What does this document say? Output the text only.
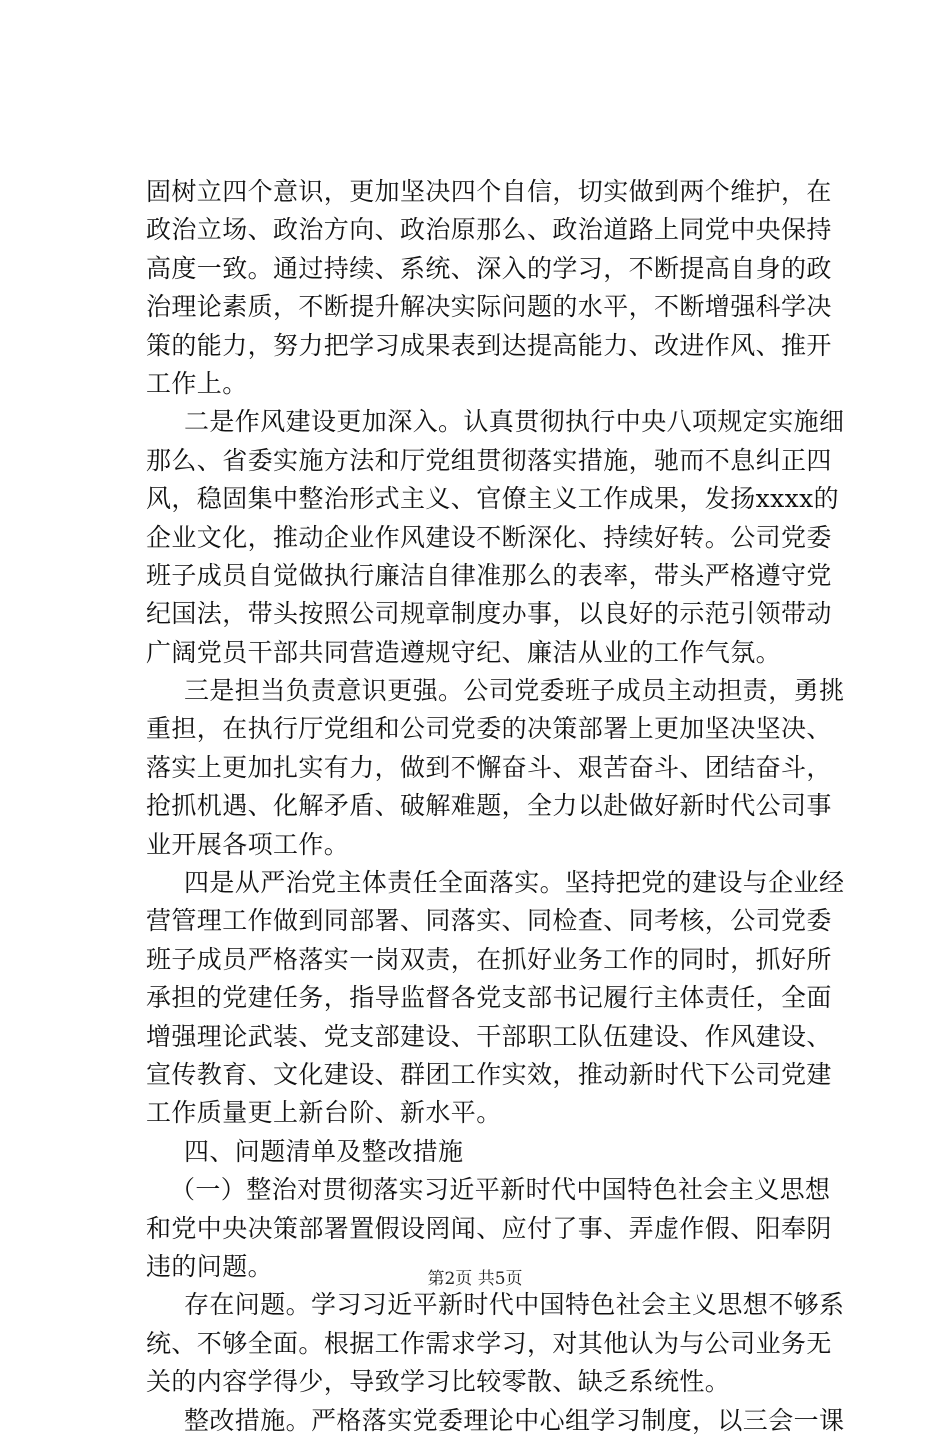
固树立四个意识，更加坚决四个自信，切实做到两个维护，在
政治立场、政治方向、政治原那么、政治道路上同党中央保持
高度一致。通过持续、系统、深入的学习，不断提高自身的政
治理论素质，不断提升解决实际问题的水平，不断增强科学决
策的能力，努力把学习成果表到达提高能力、改进作风、推开
工作上。
二是作风建设更加深入。认真贯彻执行中央八项规定实施细
那么、省委实施方法和厅党组贯彻落实措施，驰而不息纠正四
风，稳固集中整治形式主义、官僚主义工作成果，发扬xxxx的
企业文化，推动企业作风建设不断深化、持续好转。公司党委
班子成员自觉做执行廉洁自律准那么的表率，带头严格遵守党
纪国法，带头按照公司规章制度办事，以良好的示范引领带动
广阔党员干部共同营造遵规守纪、廉洁从业的工作气氛。
三是担当负责意识更强。公司党委班子成员主动担责，勇挑
重担，在执行厅党组和公司党委的决策部署上更加坚决坚决、
落实上更加扎实有力，做到不懈奋斗、艰苦奋斗、团结奋斗，
抢抓机遇、化解矛盾、破解难题，全力以赴做好新时代公司事
业开展各项工作。
四是从严治党主体责任全面落实。坚持把党的建设与企业经
营管理工作做到同部署、同落实、同检查、同考核，公司党委
班子成员严格落实一岗双责，在抓好业务工作的同时，抓好所
承担的党建任务，指导监督各党支部书记履行主体责任，全面
增强理论武装、党支部建设、干部职工队伍建设、作风建设、
宣传教育、文化建设、群团工作实效，推动新时代下公司党建
工作质量更上新台阶、新水平。
四、问题清单及整改措施
（一）整治对贯彻落实习近平新时代中国特色社会主义思想
和党中央决策部署置假设罔闻、应付了事、弄虚作假、阳奉阴
违的问题。
存在问题。学习习近平新时代中国特色社会主义思想不够系
统、不够全面。根据工作需求学习，对其他认为与公司业务无
关的内容学得少，导致学习比较零散、缺乏系统性。
整改措施。严格落实党委理论中心组学习制度，以三会一课
第2页 共5页
